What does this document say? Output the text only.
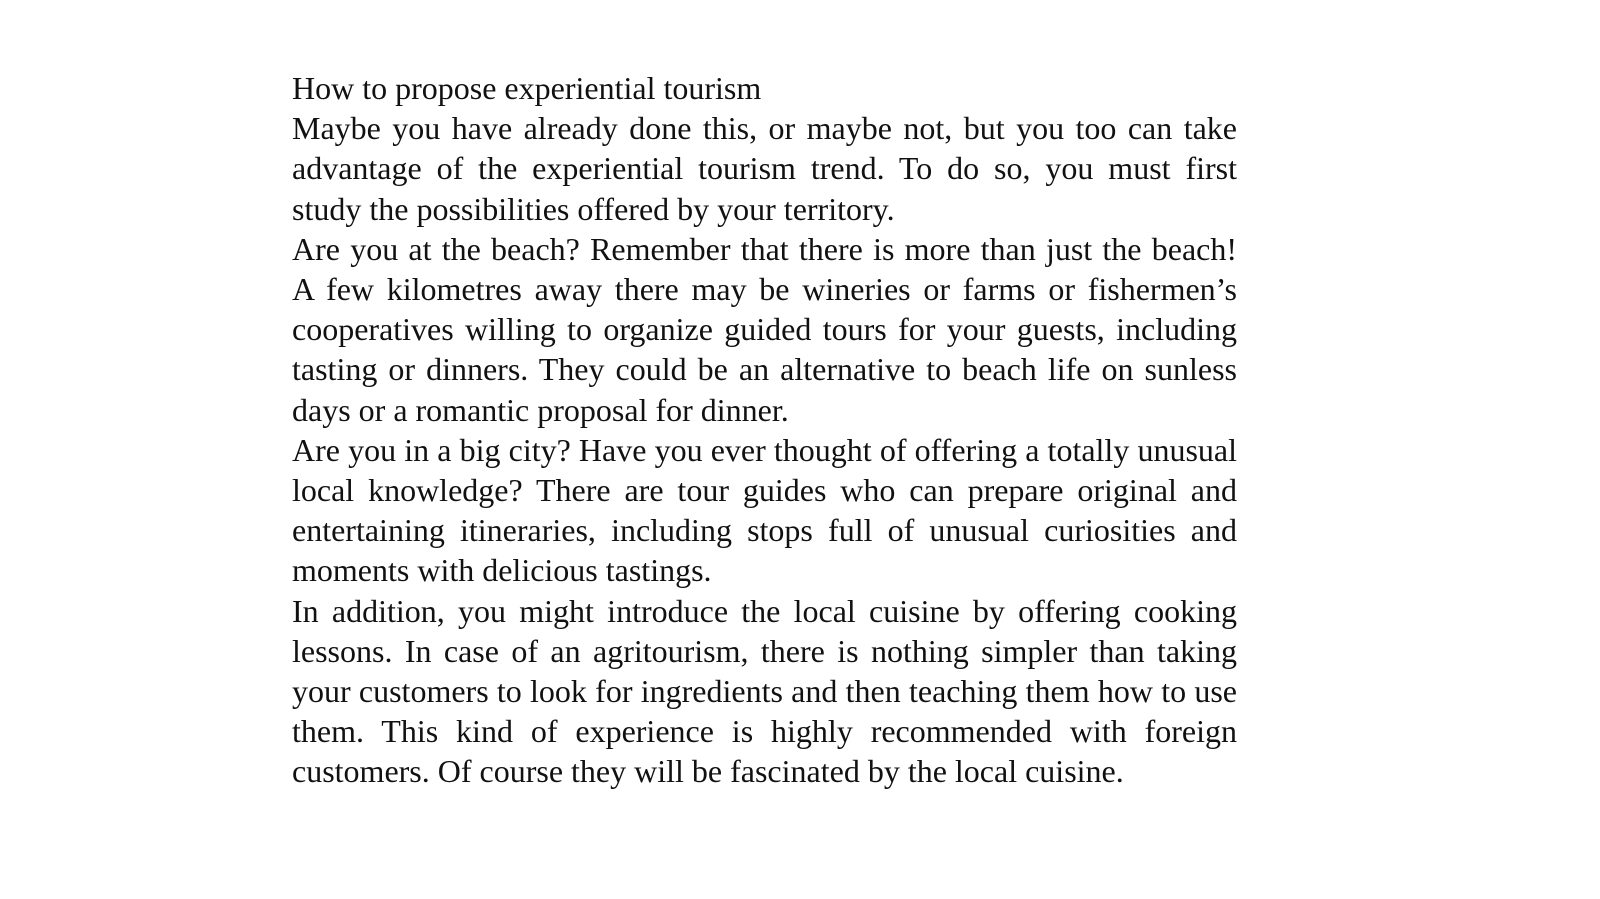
How to propose experiential tourism

Maybe you have already done this, or maybe not, but you too can take advantage of the experiential tourism trend. To do so, you must first study the possibilities offered by your territory.

Are you at the beach? Remember that there is more than just the beach! A few kilometres away there may be wineries or farms or fishermen’s cooperatives willing to organize guided tours for your guests, including tasting or dinners. They could be an alternative to beach life on sunless days or a romantic proposal for dinner.

Are you in a big city? Have you ever thought of offering a totally unusual local knowledge? There are tour guides who can prepare original and entertaining itineraries, including stops full of unusual curiosities and moments with delicious tastings.

In addition, you might introduce the local cuisine by offering cooking lessons. In case of an agritourism, there is nothing simpler than taking your customers to look for ingredients and then teaching them how to use them. This kind of experience is highly recommended with foreign customers. Of course they will be fascinated by the local cuisine.
